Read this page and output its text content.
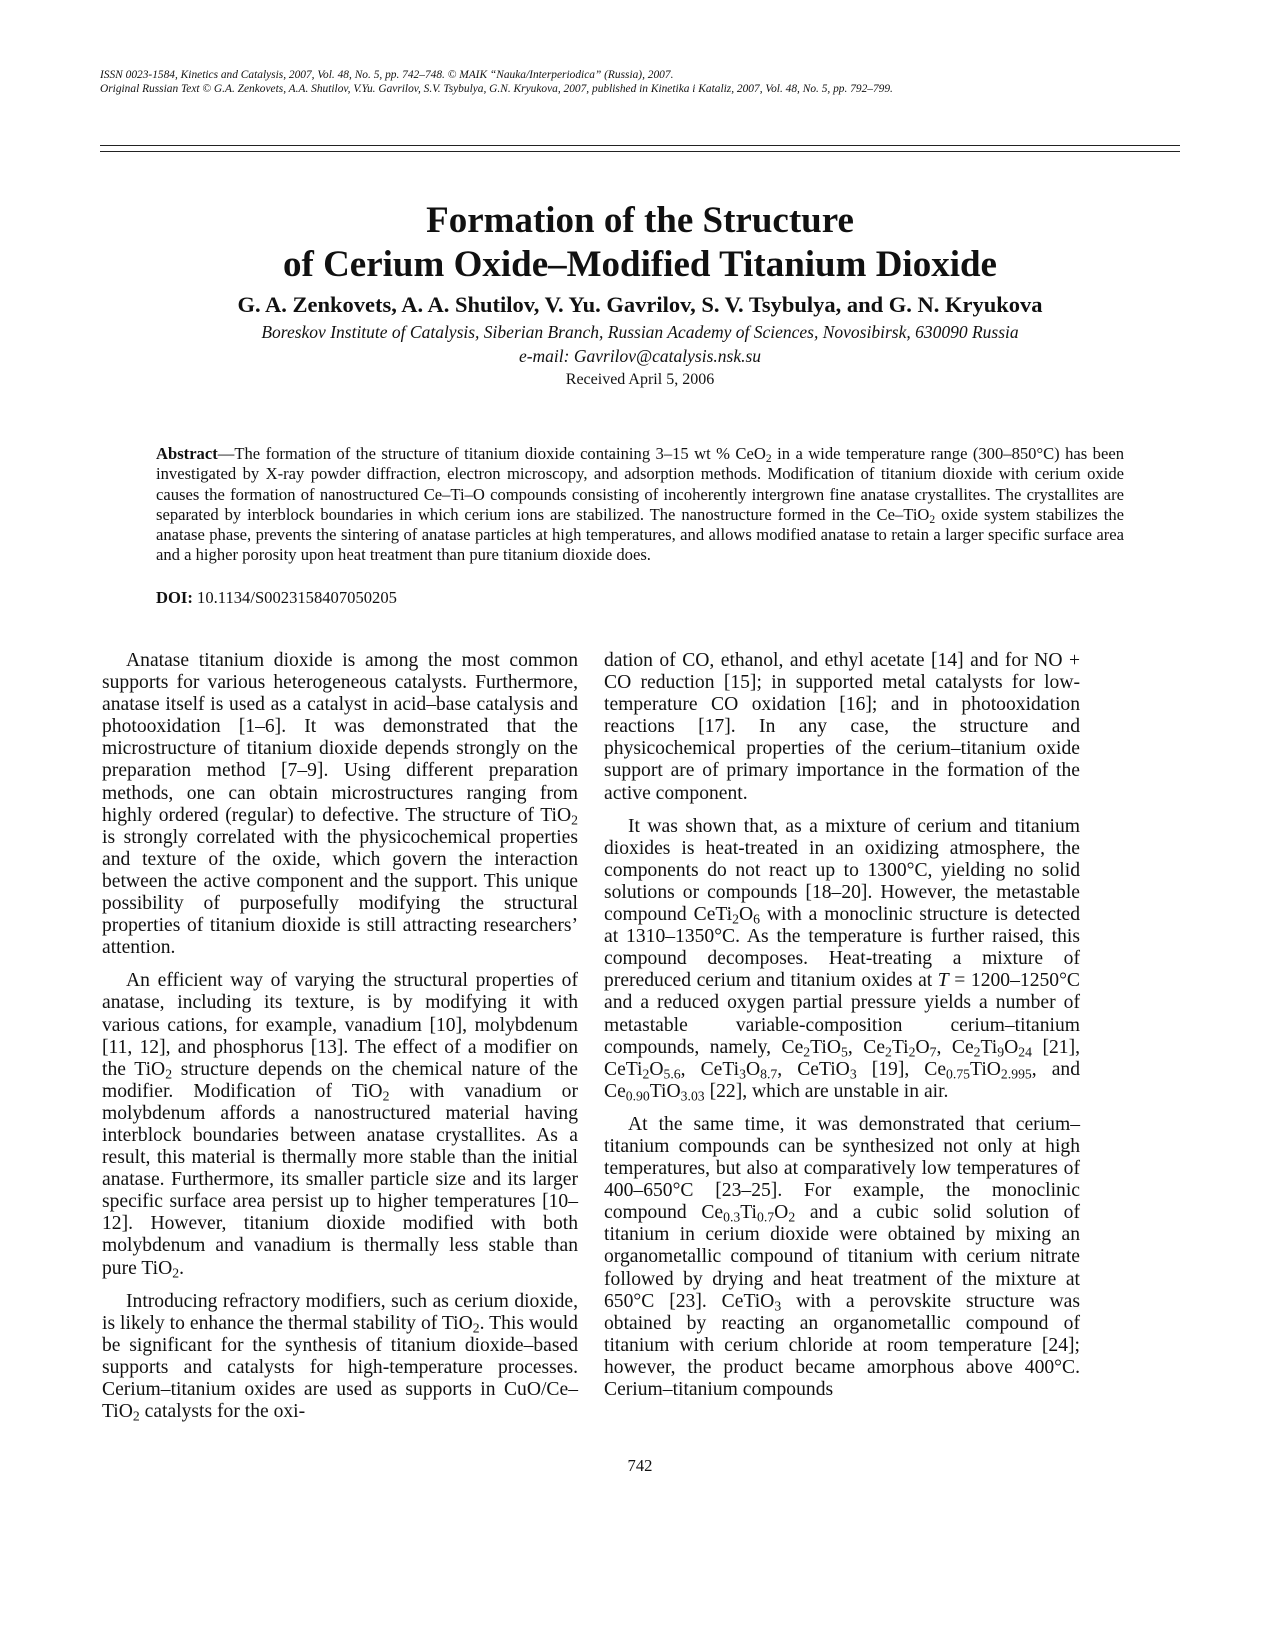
ISSN 0023-1584, Kinetics and Catalysis, 2007, Vol. 48, No. 5, pp. 742–748. © MAIK “Nauka/Interperiodica” (Russia), 2007.
Original Russian Text © G.A. Zenkovets, A.A. Shutilov, V.Yu. Gavrilov, S.V. Tsybulya, G.N. Kryukova, 2007, published in Kinetika i Kataliz, 2007, Vol. 48, No. 5, pp. 792–799.
Formation of the Structure
of Cerium Oxide–Modified Titanium Dioxide
G. A. Zenkovets, A. A. Shutilov, V. Yu. Gavrilov, S. V. Tsybulya, and G. N. Kryukova
Boreskov Institute of Catalysis, Siberian Branch, Russian Academy of Sciences, Novosibirsk, 630090 Russia
e-mail: Gavrilov@catalysis.nsk.su
Received April 5, 2006

Abstract—The formation of the structure of titanium dioxide containing 3–15 wt % CeO$_2$ in a wide temperature range (300–850°C) has been investigated by X-ray powder diffraction, electron microscopy, and adsorption methods. Modification of titanium dioxide with cerium oxide causes the formation of nanostructured Ce–Ti–O compounds consisting of incoherently intergrown fine anatase crystallites. The crystallites are separated by interblock boundaries in which cerium ions are stabilized. The nanostructure formed in the Ce–TiO$_2$ oxide system stabilizes the anatase phase, prevents the sintering of anatase particles at high temperatures, and allows modified anatase to retain a larger specific surface area and a higher porosity upon heat treatment than pure titanium dioxide does.

DOI: 10.1134/S0023158407050205

Anatase titanium dioxide is among the most common supports for various heterogeneous catalysts. Furthermore, anatase itself is used as a catalyst in acid–base catalysis and photooxidation [1–6]. It was demonstrated that the microstructure of titanium dioxide depends strongly on the preparation method [7–9]. Using different preparation methods, one can obtain microstructures ranging from highly ordered (regular) to defective. The structure of TiO$_2$ is strongly correlated with the physicochemical properties and texture of the oxide, which govern the interaction between the active component and the support. This unique possibility of purposefully modifying the structural properties of titanium dioxide is still attracting researchers’ attention.

An efficient way of varying the structural properties of anatase, including its texture, is by modifying it with various cations, for example, vanadium [10], molybdenum [11, 12], and phosphorus [13]. The effect of a modifier on the TiO$_2$ structure depends on the chemical nature of the modifier. Modification of TiO$_2$ with vanadium or molybdenum affords a nanostructured material having interblock boundaries between anatase crystallites. As a result, this material is thermally more stable than the initial anatase. Furthermore, its smaller particle size and its larger specific surface area persist up to higher temperatures [10–12]. However, titanium dioxide modified with both molybdenum and vanadium is thermally less stable than pure TiO$_2$.

Introducing refractory modifiers, such as cerium dioxide, is likely to enhance the thermal stability of TiO$_2$. This would be significant for the synthesis of titanium dioxide–based supports and catalysts for high-temperature processes. Cerium–titanium oxides are used as supports in CuO/Ce–TiO$_2$ catalysts for the oxi-

dation of CO, ethanol, and ethyl acetate [14] and for NO + CO reduction [15]; in supported metal catalysts for low-temperature CO oxidation [16]; and in photooxidation reactions [17]. In any case, the structure and physicochemical properties of the cerium–titanium oxide support are of primary importance in the formation of the active component.

It was shown that, as a mixture of cerium and titanium dioxides is heat-treated in an oxidizing atmosphere, the components do not react up to 1300°C, yielding no solid solutions or compounds [18–20]. However, the metastable compound $CeTi_2O_6$ with a monoclinic structure is detected at 1310–1350°C. As the temperature is further raised, this compound decomposes. Heat-treating a mixture of prereduced cerium and titanium oxides at T = 1200–1250°C and a reduced oxygen partial pressure yields a number of metastable variable-composition cerium–titanium compounds, namely, $Ce_2TiO_5$, $Ce_2Ti_2O_7$, $Ce_2Ti_9O_{24}$ [21], $CeTi_2O_{5.6}$, $CeTi_3O_{8.7}$, CeTiO$_3$ [19], $Ce_{0.75}TiO_{2.995}$, and $Ce_{0.90}TiO_{3.03}$ [22], which are unstable in air.

At the same time, it was demonstrated that cerium–titanium compounds can be synthesized not only at high temperatures, but also at comparatively low temperatures of 400–650°C [23–25]. For example, the monoclinic compound $Ce_{0.3}Ti_{0.7}O_2$ and a cubic solid solution of titanium in cerium dioxide were obtained by mixing an organometallic compound of titanium with cerium nitrate followed by drying and heat treatment of the mixture at 650°C [23]. CeTiO$_3$ with a perovskite structure was obtained by reacting an organometallic compound of titanium with cerium chloride at room temperature [24]; however, the product became amorphous above 400°C. Cerium–titanium compounds

742
